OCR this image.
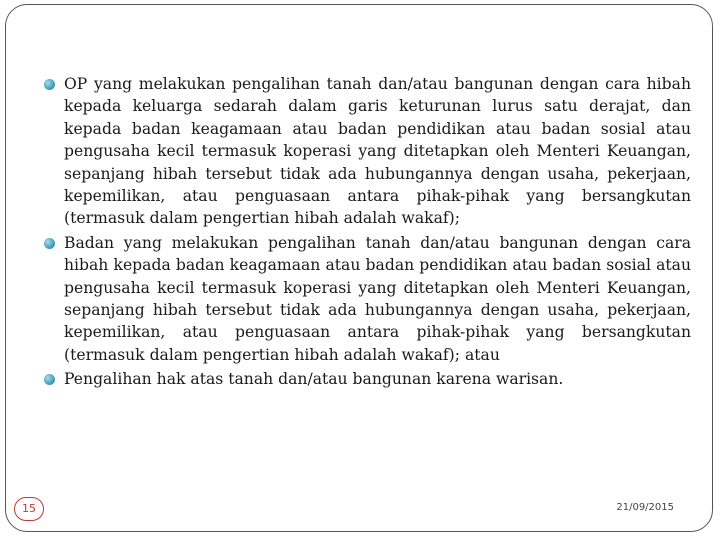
OP yang melakukan pengalihan tanah dan/atau bangunan dengan cara hibah kepada keluarga sedarah dalam garis keturunan lurus satu derajat, dan kepada badan keagamaan atau badan pendidikan atau badan sosial atau pengusaha kecil termasuk koperasi yang ditetapkan oleh Menteri Keuangan, sepanjang hibah tersebut tidak ada hubungannya dengan usaha, pekerjaan, kepemilikan, atau penguasaan antara pihak-pihak yang bersangkutan (termasuk dalam pengertian hibah adalah wakaf);
Badan yang melakukan pengalihan tanah dan/atau bangunan dengan cara hibah kepada badan keagamaan atau badan pendidikan atau badan sosial atau pengusaha kecil termasuk koperasi yang ditetapkan oleh Menteri Keuangan, sepanjang hibah tersebut tidak ada hubungannya dengan usaha, pekerjaan, kepemilikan, atau penguasaan antara pihak-pihak yang bersangkutan (termasuk dalam pengertian hibah adalah wakaf); atau
Pengalihan hak atas tanah dan/atau bangunan karena warisan.
15	21/09/2015
